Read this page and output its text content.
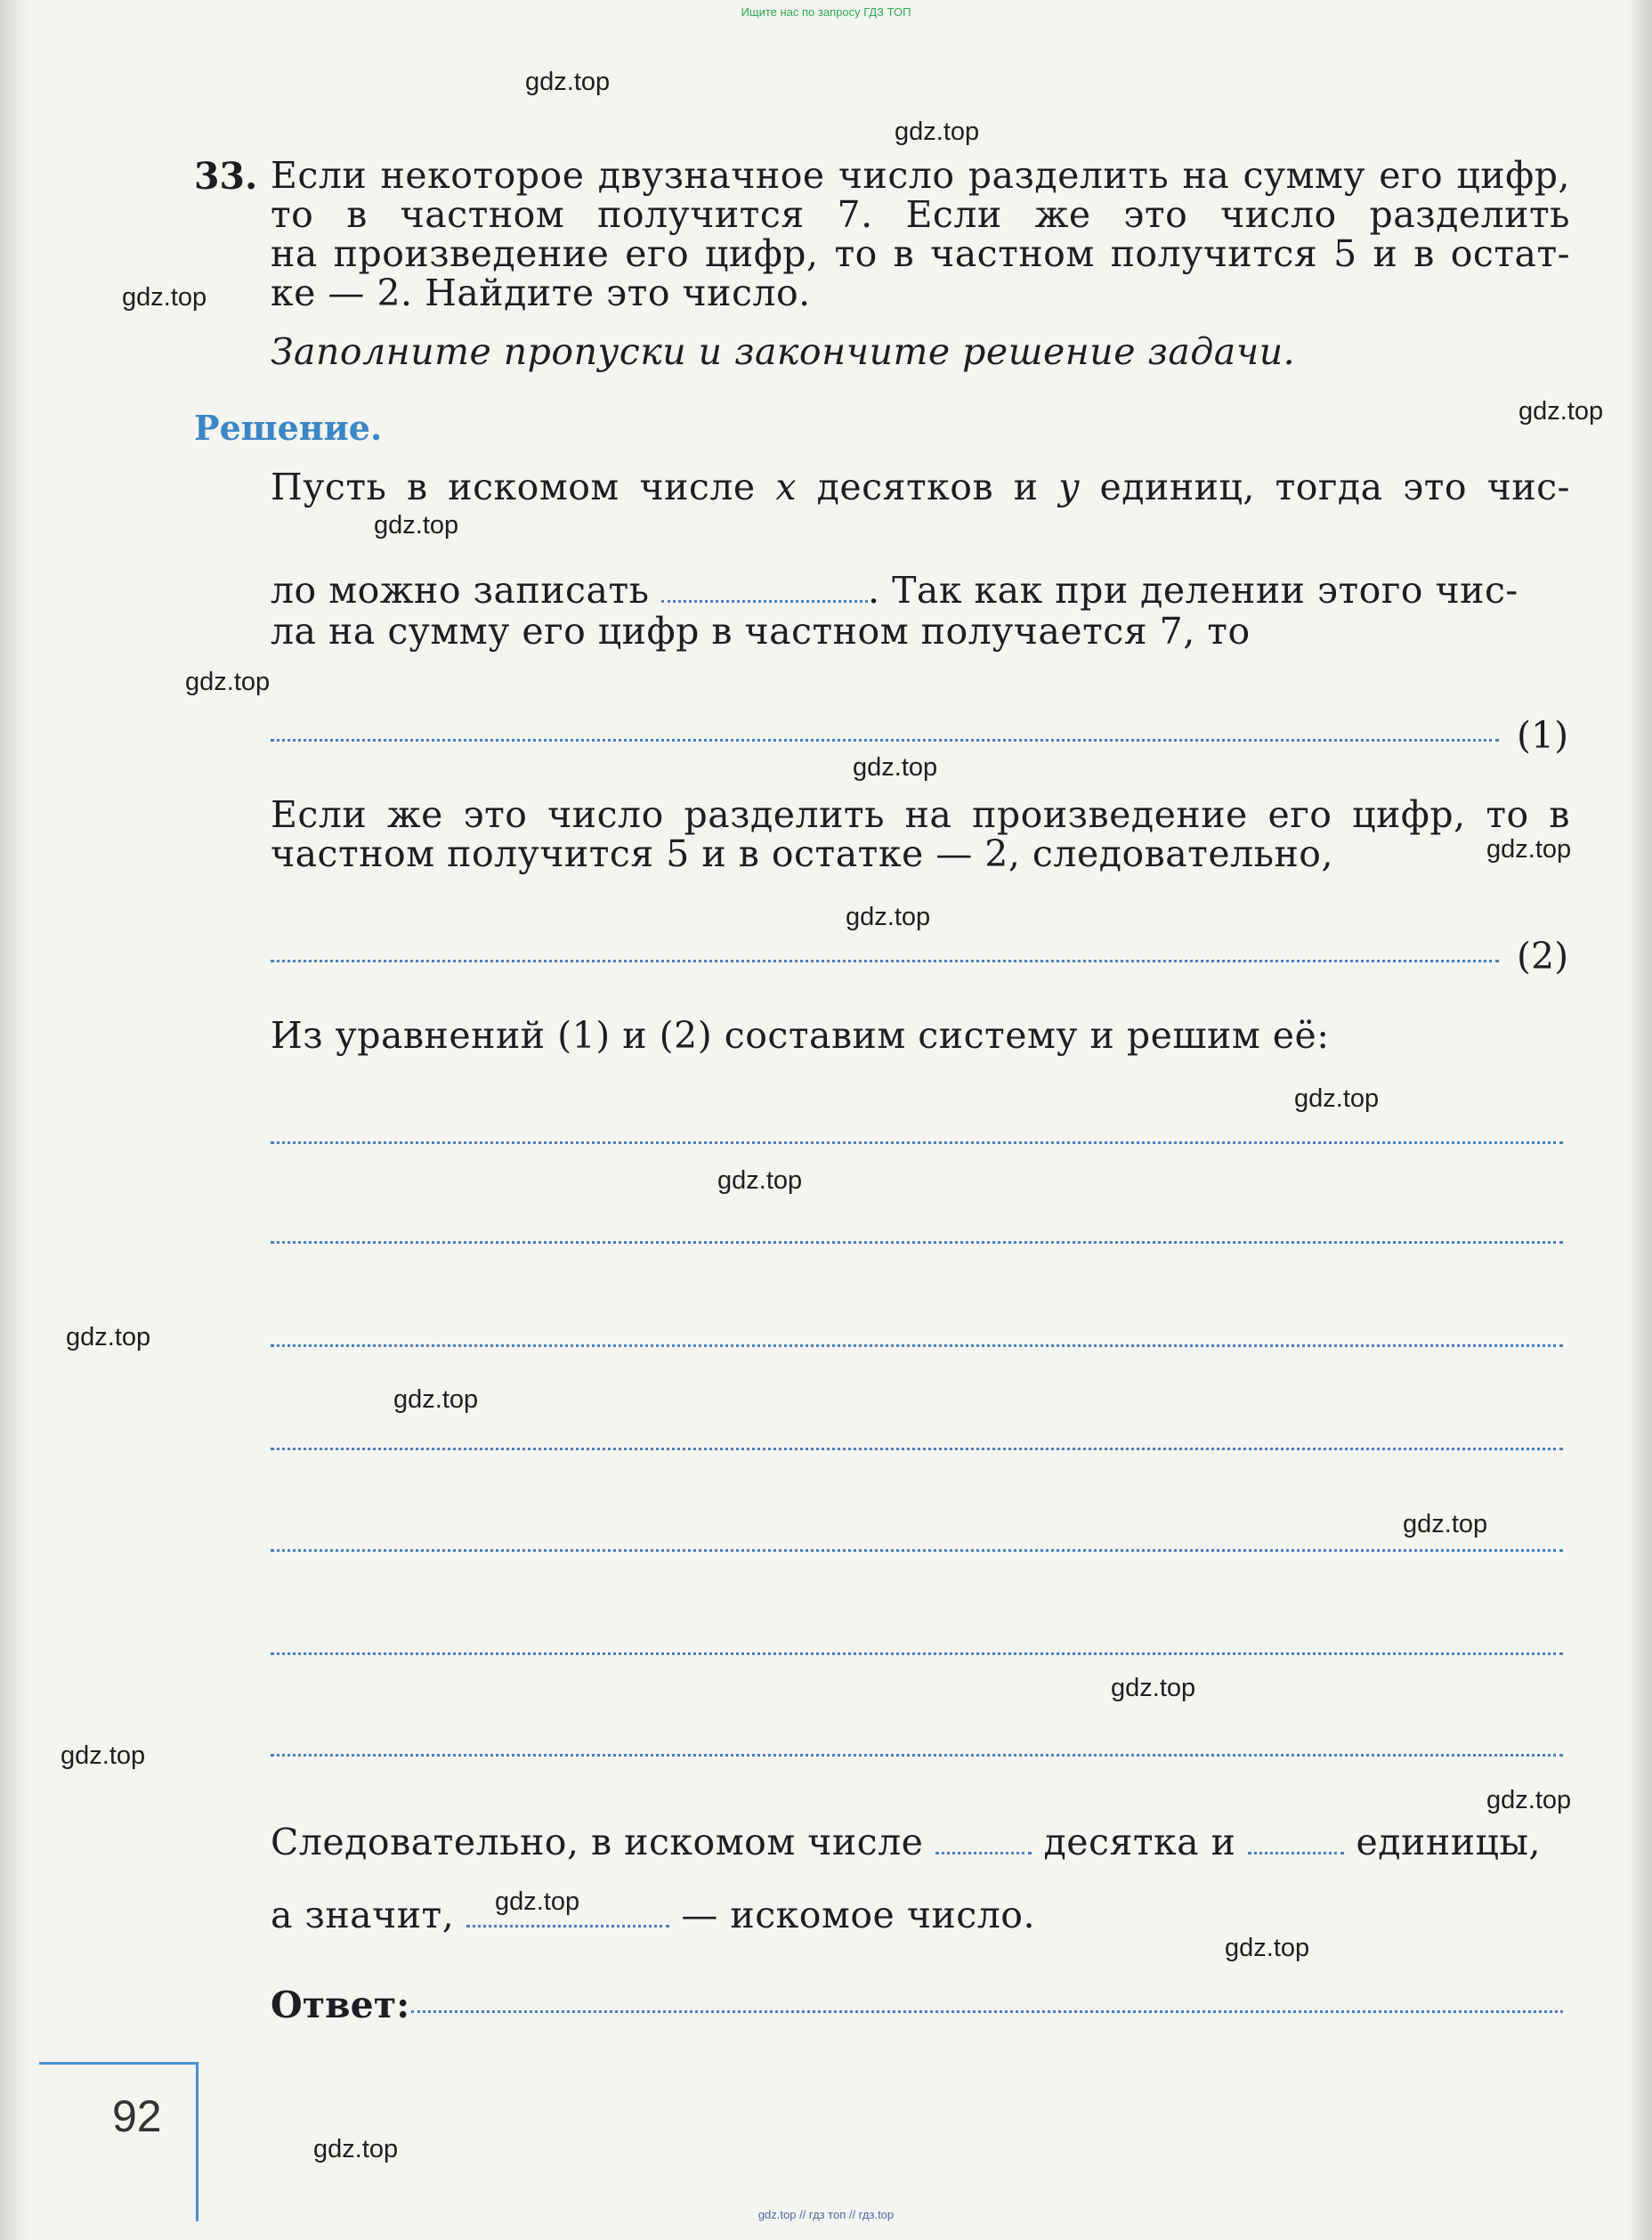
Ищите нас по запросу ГДЗ ТОП
gdz.top
gdz.top
gdz.top
gdz.top
gdz.top
gdz.top
gdz.top
gdz.top
gdz.top
gdz.top
gdz.top
gdz.top
gdz.top
gdz.top
gdz.top
gdz.top
gdz.top
gdz.top
gdz.top
gdz.top
33. Если некоторое двузначное число разделить на сумму его цифр,
то в частном получится 7. Если же это число разделить
на произведение его цифр, то в частном получится 5 и в остат-
ке — 2. Найдите это число.
Заполните пропуски и закончите решение задачи.
Решение.
Пусть в искомом числе x десятков и y единиц, тогда это чис-
ло можно записать	. Так как при делении этого чис-
ла на сумму его цифр в частном получается 7, то
(1)
Если же это число разделить на произведение его цифр, то в
частном получится 5 и в остатке — 2, следовательно,
(2)
Из уравнений (1) и (2) составим систему и решим её:
Следовательно, в искомом числе	десятка и	единицы,
а значит,	— искомое число.
Ответ:
92
gdz.top // гдз топ // гдз.top
